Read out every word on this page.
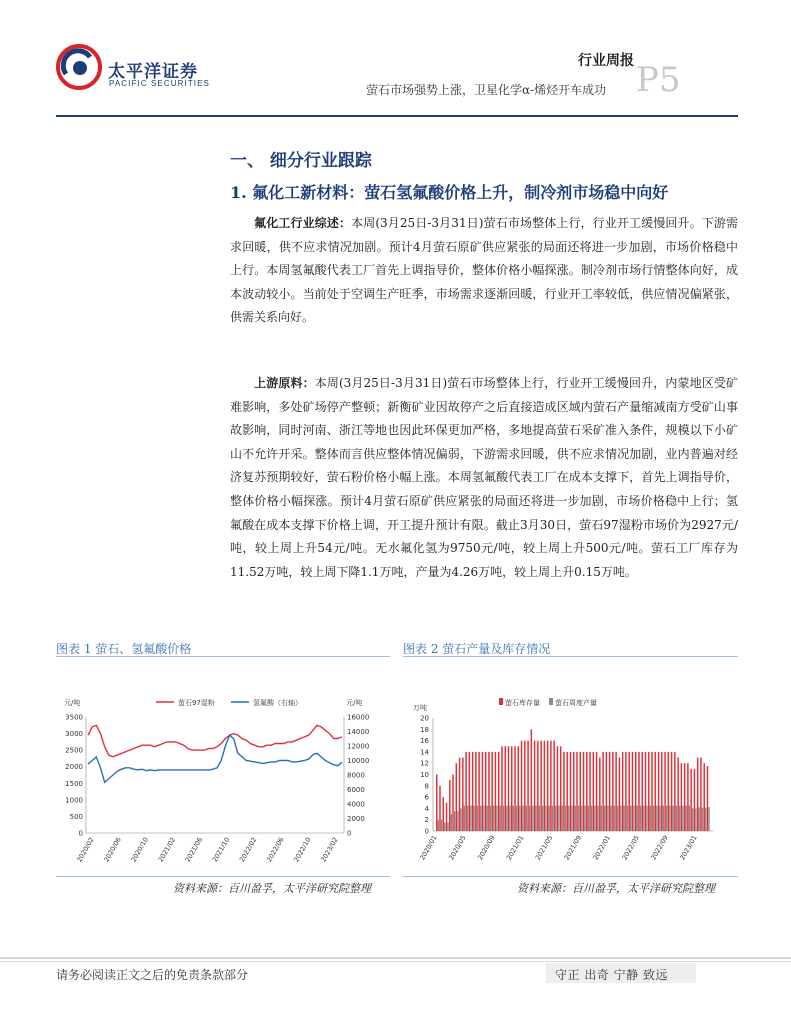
太平洋证券
PACIFIC SECURITIES
行业周报
萤石市场强势上涨，卫星化学α-烯烃开车成功 P5
一、 细分行业跟踪
1. 氟化工新材料：萤石氢氟酸价格上升，制冷剂市场稳中向好
氟化工行业综述：本周(3月25日-3月31日)萤石市场整体上行，行业开工缓慢回升。下游需求回暖，供不应求情况加剧。预计4月萤石原矿供应紧张的局面还将进一步加剧，市场价格稳中上行。本周氢氟酸代表工厂首先上调指导价，整体价格小幅探涨。制冷剂市场行情整体向好，成本波动较小。当前处于空调生产旺季，市场需求逐渐回暖，行业开工率较低，供应情况偏紧张，供需关系向好。
上游原料：本周(3月25日-3月31日)萤石市场整体上行，行业开工缓慢回升，内蒙地区受矿难影响，多处矿场停产整顿；新衡矿业因故停产之后直接造成区域内萤石产量缩减南方受矿山事故影响，同时河南、浙江等地也因此环保更加严格，多地提高萤石采矿准入条件，规模以下小矿山不允许开采。整体而言供应整体情况偏弱，下游需求回暖，供不应求情况加剧，业内普遍对经济复苏预期较好，萤石粉价格小幅上涨。本周氢氟酸代表工厂在成本支撑下，首先上调指导价，整体价格小幅探涨。预计4月萤石原矿供应紧张的局面还将进一步加剧，市场价格稳中上行；氢氟酸在成本支撑下价格上调，开工提升预计有限。截止3月30日，萤石97湿粉市场价为2927元/吨，较上周上升54元/吨。无水氟化氢为9750元/吨，较上周上升500元/吨。萤石工厂库存为11.52万吨，较上周下降1.1万吨，产量为4.26万吨，较上周上升0.15万吨。
图表 1 萤石、氢氟酸价格	图表 2 萤石产量及库存情况
元/吨	元/吨
萤石97湿粉	氢氟酸（右轴）
0
500
1000
1500
2000
2500
3000
3500
0
2000
4000
6000
8000
10000
12000
14000
16000
2020/02 2020/06 2020/10 2021/02 2021/06 2021/10 2022/02 2022/06 2022/10 2023/02
万吨
萤石库存量 萤石周度产量
0
2
4
6
8
10
12
14
16
18
20
2020/01 2020/05 2020/09 2021/01 2021/05 2021/09 2022/01 2022/05 2022/09 2023/01
资料来源：百川盈孚，太平洋研究院整理	资料来源：百川盈孚，太平洋研究院整理
请务必阅读正文之后的免责条款部分	守正 出奇 宁静 致远
